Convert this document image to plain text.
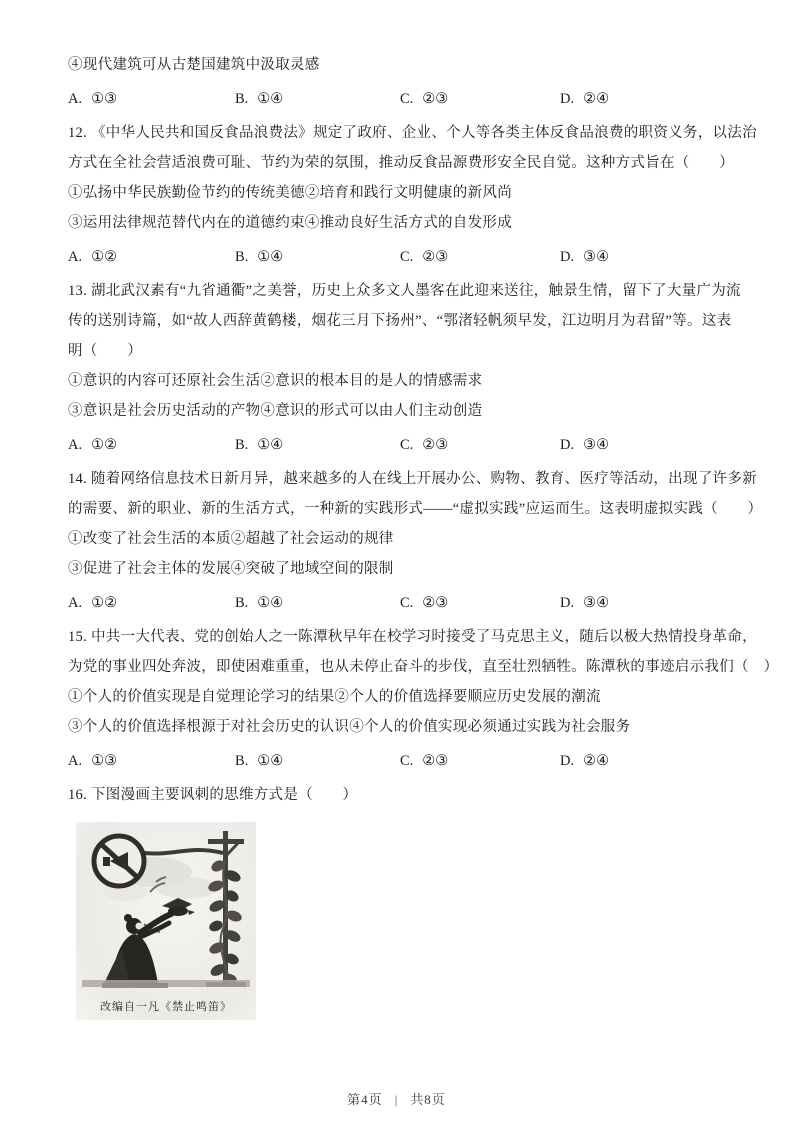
④现代建筑可从古楚国建筑中汲取灵感
A. ①③	B. ①④	C. ②③	D. ②④
12. 《中华人民共和国反食品浪费法》规定了政府、企业、个人等各类主体反食品浪费的职资义务，以法治
方式在全社会营适浪费可耻、节约为荣的氛围，推动反食品源费形安全民自觉。这种方式旨在（　　）
①弘扬中华民族勤俭节约的传统美德②培育和践行文明健康的新风尚
③运用法律规范替代内在的道德约束④推动良好生活方式的自发形成
A. ①②	B. ①④	C. ②③	D. ③④
13. 湖北武汉素有“九省通衢”之美誉，历史上众多文人墨客在此迎来送往，触景生情，留下了大量广为流
传的送别诗篇，如“故人西辞黄鹤楼，烟花三月下扬州”、“鄂渚轻帆须早发，江边明月为君留”等。这表
明（　　）
①意识的内容可还原社会生活②意识的根本目的是人的情感需求
③意识是社会历史活动的产物④意识的形式可以由人们主动创造
A. ①②	B. ①④	C. ②③	D. ③④
14. 随着网络信息技术日新月异，越来越多的人在线上开展办公、购物、教育、医疗等活动，出现了许多新
的需要、新的职业、新的生活方式，一种新的实践形式——“虚拟实践”应运而生。这表明虚拟实践（　　）
①改变了社会生活的本质②超越了社会运动的规律
③促进了社会主体的发展④突破了地域空间的限制
A. ①②	B. ①④	C. ②③	D. ③④
15. 中共一大代表、党的创始人之一陈潭秋早年在校学习时接受了马克思主义，随后以极大热情投身革命，
为党的事业四处奔波，即使困难重重，也从未停止奋斗的步伐，直至壮烈牺牲。陈潭秋的事迹启示我们（　）
①个人的价值实现是自觉理论学习的结果②个人的价值选择要顺应历史发展的潮流
③个人的价值选择根源于对社会历史的认识④个人的价值实现必须通过实践为社会服务
A. ①③	B. ①④	C. ②③	D. ②④
16. 下图漫画主要讽刺的思维方式是（　　）
改编自一凡《禁止鸣笛》
第4页 | 共8页
